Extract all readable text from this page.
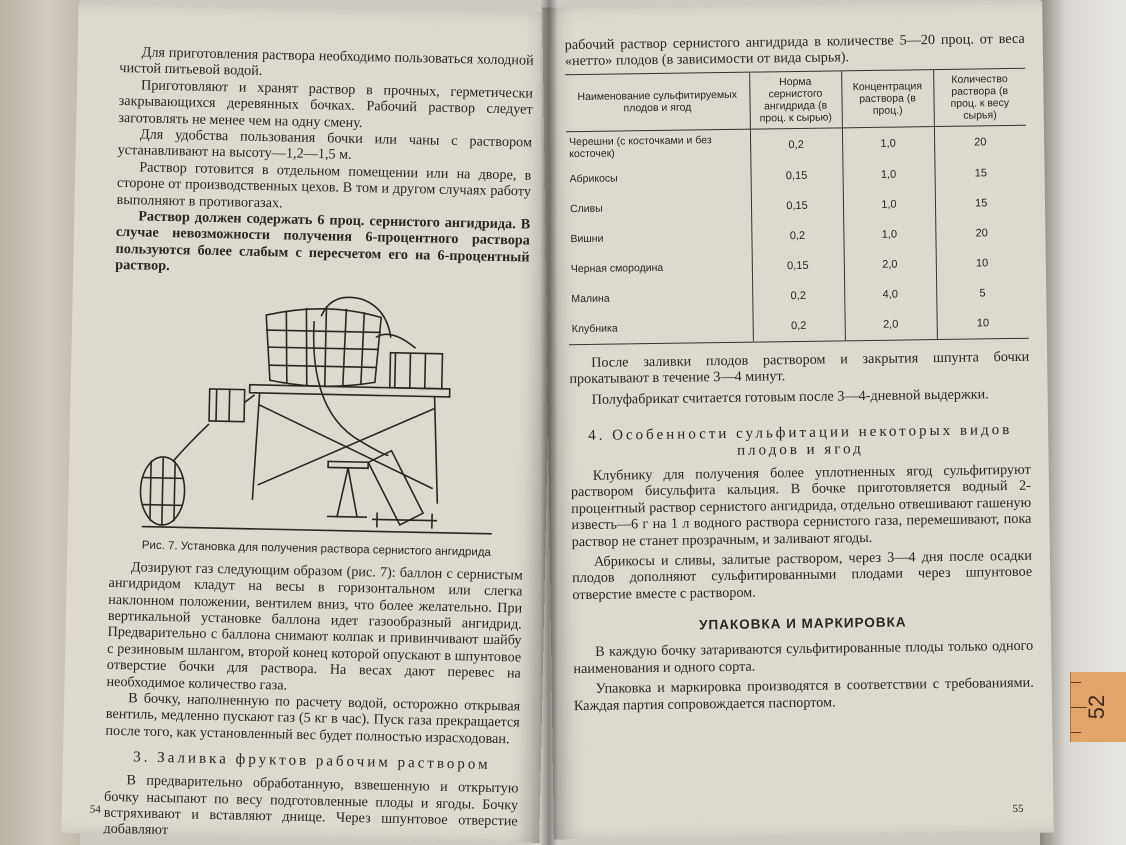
Для приготовления раствора необходимо пользоваться холодной чистой питьевой водой.

Приготовляют и хранят раствор в прочных, герметически закрывающихся деревянных бочках. Рабочий раствор следует заготовлять не менее чем на одну смену.

Для удобства пользования бочки или чаны с раствором устанавливают на высоту—1,2—1,5 м.

Раствор готовится в отдельном помещении или на дворе, в стороне от производственных цехов. В том и другом случаях работу выполняют в противогазах.

Раствор должен содержать 6 проц. сернистого ангидрида. В случае невозможности получения 6-процентного раствора пользуются более слабым с пересчетом его на 6-процентный раствор.

Рис. 7. Установка для получения раствора сернистого ангидрида

Дозируют газ следующим образом (рис. 7): баллон с сернистым ангидридом кладут на весы в горизонтальном или слегка наклонном положении, вентилем вниз, что более желательно. При вертикальной установке баллона идет газообразный ангидрид. Предварительно с баллона снимают колпак и привинчивают шайбу с резиновым шлангом, второй конец которой опускают в шпунтовое отверстие бочки для раствора. На весах дают перевес на необходимое количество газа.

В бочку, наполненную по расчету водой, осторожно открывая вентиль, медленно пускают газ (5 кг в час). Пуск газа прекращается после того, как установленный вес будет полностью израсходован.

3. Заливка фруктов рабочим раствором

В предварительно обработанную, взвешенную и открытую бочку насыпают по весу подготовленные плоды и ягоды. Бочку встряхивают и вставляют днище. Через шпунтовое отверстие добавляют

54

рабочий раствор сернистого ангидрида в количестве 5—20 проц. от веса «нетто» плодов (в зависимости от вида сырья).

Наименование сульфитируемых плодов и ягод	Норма сернистого ангидрида (в проц. к сырью)	Концентрация раствора (в проц.)	Количество раствора (в проц. к весу сырья)
Черешни (с косточками и без косточек)	0,2	1,0	20
Абрикосы	0,15	1,0	15
Сливы	0,15	1,0	15
Вишни	0,2	1,0	20
Черная смородина	0,15	2,0	10
Малина	0,2	4,0	5
Клубника	0,2	2,0	10

После заливки плодов раствором и закрытия шпунта бочки прокатывают в течение 3—4 минут.

Полуфабрикат считается готовым после 3—4-дневной выдержки.

4. Особенности сульфитации некоторых видов плодов и ягод

Клубнику для получения более уплотненных ягод сульфитируют раствором бисульфита кальция. В бочке приготовляется водный 2-процентный раствор сернистого ангидрида, отдельно отвешивают гашеную известь—6 г на 1 л водного раствора сернистого газа, перемешивают, пока раствор не станет прозрачным, и заливают ягоды.

Абрикосы и сливы, залитые раствором, через 3—4 дня после осадки плодов дополняют сульфитированными плодами через шпунтовое отверстие вместе с раствором.

УПАКОВКА И МАРКИРОВКА

В каждую бочку затариваются сульфитированные плоды только одного наименования и одного сорта.

Упаковка и маркировка производятся в соответствии с требованиями. Каждая партия сопровождается паспортом.

55
52
